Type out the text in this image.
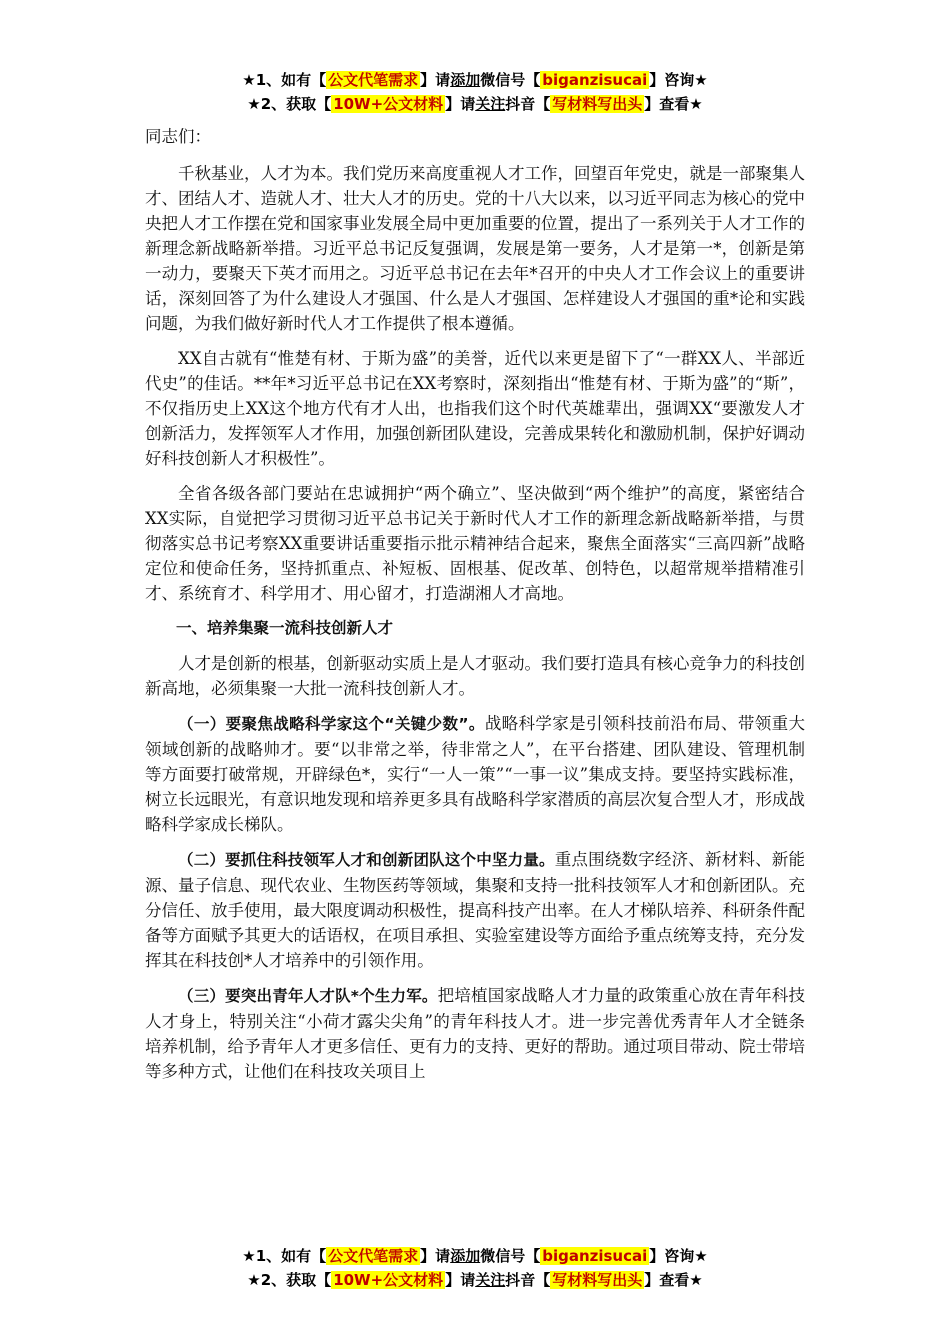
★1、如有【 公文代笔需求 】请添加微信号【 biganzisucai 】咨询★
★2、获取【 10W+公文材料 】请关注抖音【 写材料写出头 】查看★

同志们：

千秋基业，人才为本。我们党历来高度重视人才工作，回望百年党史，就是一部聚集人才、团结人才、造就人才、壮大人才的历史。党的十八大以来，以习近平同志为核心的党中央把人才工作摆在党和国家事业发展全局中更加重要的位置，提出了一系列关于人才工作的新理念新战略新举措。习近平总书记反复强调，发展是第一要务，人才是第一*，创新是第一动力，要聚天下英才而用之。习近平总书记在去年*召开的中央人才工作会议上的重要讲话，深刻回答了为什么建设人才强国、什么是人才强国、怎样建设人才强国的重*论和实践问题，为我们做好新时代人才工作提供了根本遵循。

XX自古就有“惟楚有材、于斯为盛”的美誉，近代以来更是留下了“一群XX人、半部近代史”的佳话。**年*习近平总书记在XX考察时，深刻指出“惟楚有材、于斯为盛”的“斯”，不仅指历史上XX这个地方代有才人出，也指我们这个时代英雄辈出，强调XX“要激发人才创新活力，发挥领军人才作用，加强创新团队建设，完善成果转化和激励机制，保护好调动好科技创新人才积极性”。

全省各级各部门要站在忠诚拥护“两个确立”、坚决做到“两个维护”的高度，紧密结合XX实际，自觉把学习贯彻习近平总书记关于新时代人才工作的新理念新战略新举措，与贯彻落实总书记考察XX重要讲话重要指示批示精神结合起来，聚焦全面落实“三高四新”战略定位和使命任务，坚持抓重点、补短板、固根基、促改革、创特色，以超常规举措精准引才、系统育才、科学用才、用心留才，打造湖湘人才高地。

一、培养集聚一流科技创新人才

人才是创新的根基，创新驱动实质上是人才驱动。我们要打造具有核心竞争力的科技创新高地，必须集聚一大批一流科技创新人才。

（一）要聚焦战略科学家这个“关键少数”。战略科学家是引领科技前沿布局、带领重大领域创新的战略帅才。要“以非常之举，待非常之人”，在平台搭建、团队建设、管理机制等方面要打破常规，开辟绿色*，实行“一人一策”“一事一议”集成支持。要坚持实践标准，树立长远眼光，有意识地发现和培养更多具有战略科学家潜质的高层次复合型人才，形成战略科学家成长梯队。

（二）要抓住科技领军人才和创新团队这个中坚力量。重点围绕数字经济、新材料、新能源、量子信息、现代农业、生物医药等领域，集聚和支持一批科技领军人才和创新团队。充分信任、放手使用，最大限度调动积极性，提高科技产出率。在人才梯队培养、科研条件配备等方面赋予其更大的话语权，在项目承担、实验室建设等方面给予重点统筹支持，充分发挥其在科技创*人才培养中的引领作用。

（三）要突出青年人才队*个生力军。把培植国家战略人才力量的政策重心放在青年科技人才身上，特别关注“小荷才露尖尖角”的青年科技人才。进一步完善优秀青年人才全链条培养机制，给予青年人才更多信任、更有力的支持、更好的帮助。通过项目带动、院士带培等多种方式，让他们在科技攻关项目上

★1、如有【 公文代笔需求 】请添加微信号【 biganzisucai 】咨询★
★2、获取【 10W+公文材料 】请关注抖音【 写材料写出头 】查看★
